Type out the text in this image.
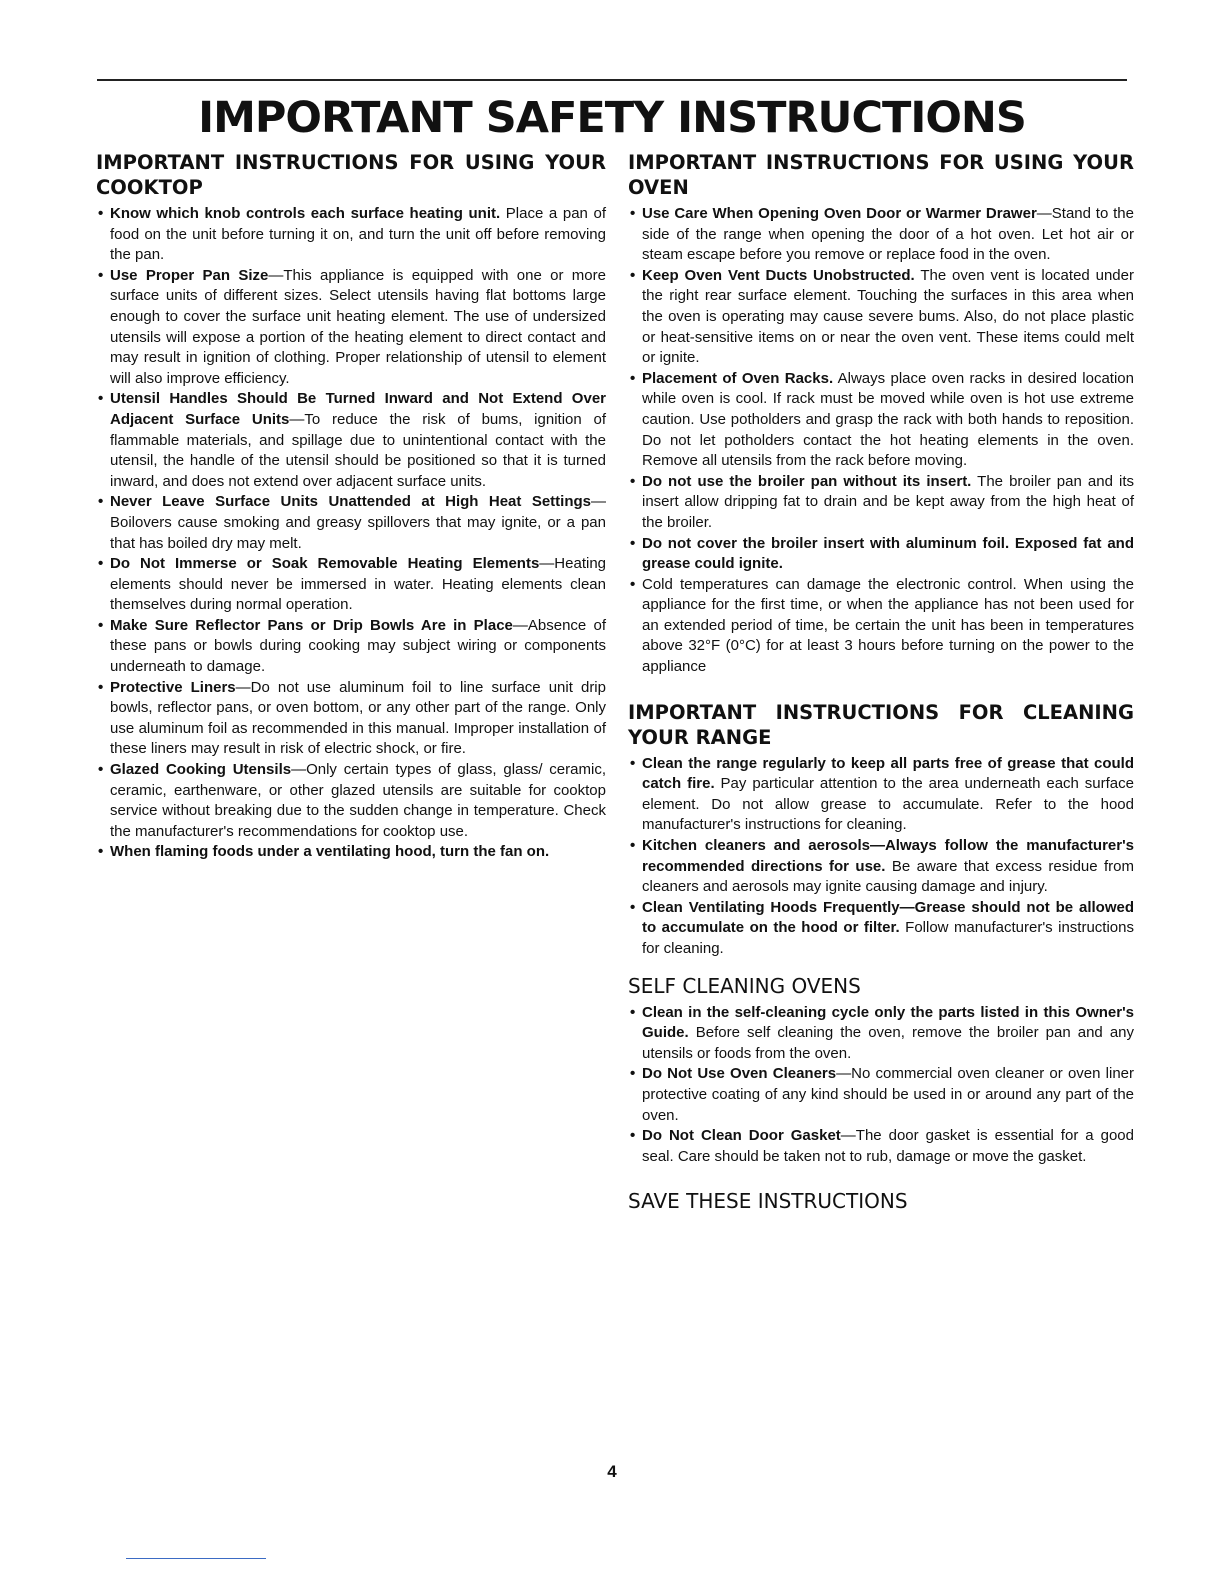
IMPORTANT SAFETY INSTRUCTIONS
IMPORTANT INSTRUCTIONS FOR USING YOUR COOKTOP
• Know which knob controls each surface heating unit. Place a pan of food on the unit before turning it on, and turn the unit off before removing the pan.
• Use Proper Pan Size—This appliance is equipped with one or more surface units of different sizes. Select utensils having flat bottoms large enough to cover the surface unit heating element. The use of undersized utensils will expose a portion of the heating element to direct contact and may result in ignition of clothing. Proper relationship of utensil to element will also improve efficiency.
• Utensil Handles Should Be Turned Inward and Not Extend Over Adjacent Surface Units—To reduce the risk of bums, ignition of flammable materials, and spillage due to unintentional contact with the utensil, the handle of the utensil should be positioned so that it is turned inward, and does not extend over adjacent surface units.
• Never Leave Surface Units Unattended at High Heat Settings—Boilovers cause smoking and greasy spillovers that may ignite, or a pan that has boiled dry may melt.
• Do Not Immerse or Soak Removable Heating Elements—Heating elements should never be immersed in water. Heating elements clean themselves during normal operation.
• Make Sure Reflector Pans or Drip Bowls Are in Place—Absence of these pans or bowls during cooking may subject wiring or components underneath to damage.
• Protective Liners—Do not use aluminum foil to line surface unit drip bowls, reflector pans, or oven bottom, or any other part of the range. Only use aluminum foil as recommended in this manual. Improper installation of these liners may result in risk of electric shock, or fire.
• Glazed Cooking Utensils—Only certain types of glass, glass/ ceramic, ceramic, earthenware, or other glazed utensils are suitable for cooktop service without breaking due to the sudden change in temperature. Check the manufacturer's recommendations for cooktop use.
• When flaming foods under a ventilating hood, turn the fan on.
IMPORTANT INSTRUCTIONS FOR USING YOUR OVEN
• Use Care When Opening Oven Door or Warmer Drawer—Stand to the side of the range when opening the door of a hot oven. Let hot air or steam escape before you remove or replace food in the oven.
• Keep Oven Vent Ducts Unobstructed. The oven vent is located under the right rear surface element. Touching the surfaces in this area when the oven is operating may cause severe bums. Also, do not place plastic or heat-sensitive items on or near the oven vent. These items could melt or ignite.
• Placement of Oven Racks. Always place oven racks in desired location while oven is cool. If rack must be moved while oven is hot use extreme caution. Use potholders and grasp the rack with both hands to reposition. Do not let potholders contact the hot heating elements in the oven. Remove all utensils from the rack before moving.
• Do not use the broiler pan without its insert. The broiler pan and its insert allow dripping fat to drain and be kept away from the high heat of the broiler.
• Do not cover the broiler insert with aluminum foil. Exposed fat and grease could ignite.
• Cold temperatures can damage the electronic control. When using the appliance for the first time, or when the appliance has not been used for an extended period of time, be certain the unit has been in temperatures above 32°F (0°C) for at least 3 hours before turning on the power to the appliance
IMPORTANT INSTRUCTIONS FOR CLEANING YOUR RANGE
• Clean the range regularly to keep all parts free of grease that could catch fire. Pay particular attention to the area underneath each surface element. Do not allow grease to accumulate. Refer to the hood manufacturer's instructions for cleaning.
• Kitchen cleaners and aerosols—Always follow the manufacturer's recommended directions for use. Be aware that excess residue from cleaners and aerosols may ignite causing damage and injury.
• Clean Ventilating Hoods Frequently—Grease should not be allowed to accumulate on the hood or filter. Follow manufacturer's instructions for cleaning.
SELF CLEANING OVENS
• Clean in the self-cleaning cycle only the parts listed in this Owner's Guide. Before self cleaning the oven, remove the broiler pan and any utensils or foods from the oven.
• Do Not Use Oven Cleaners—No commercial oven cleaner or oven liner protective coating of any kind should be used in or around any part of the oven.
• Do Not Clean Door Gasket—The door gasket is essential for a good seal. Care should be taken not to rub, damage or move the gasket.
SAVE THESE INSTRUCTIONS
4
